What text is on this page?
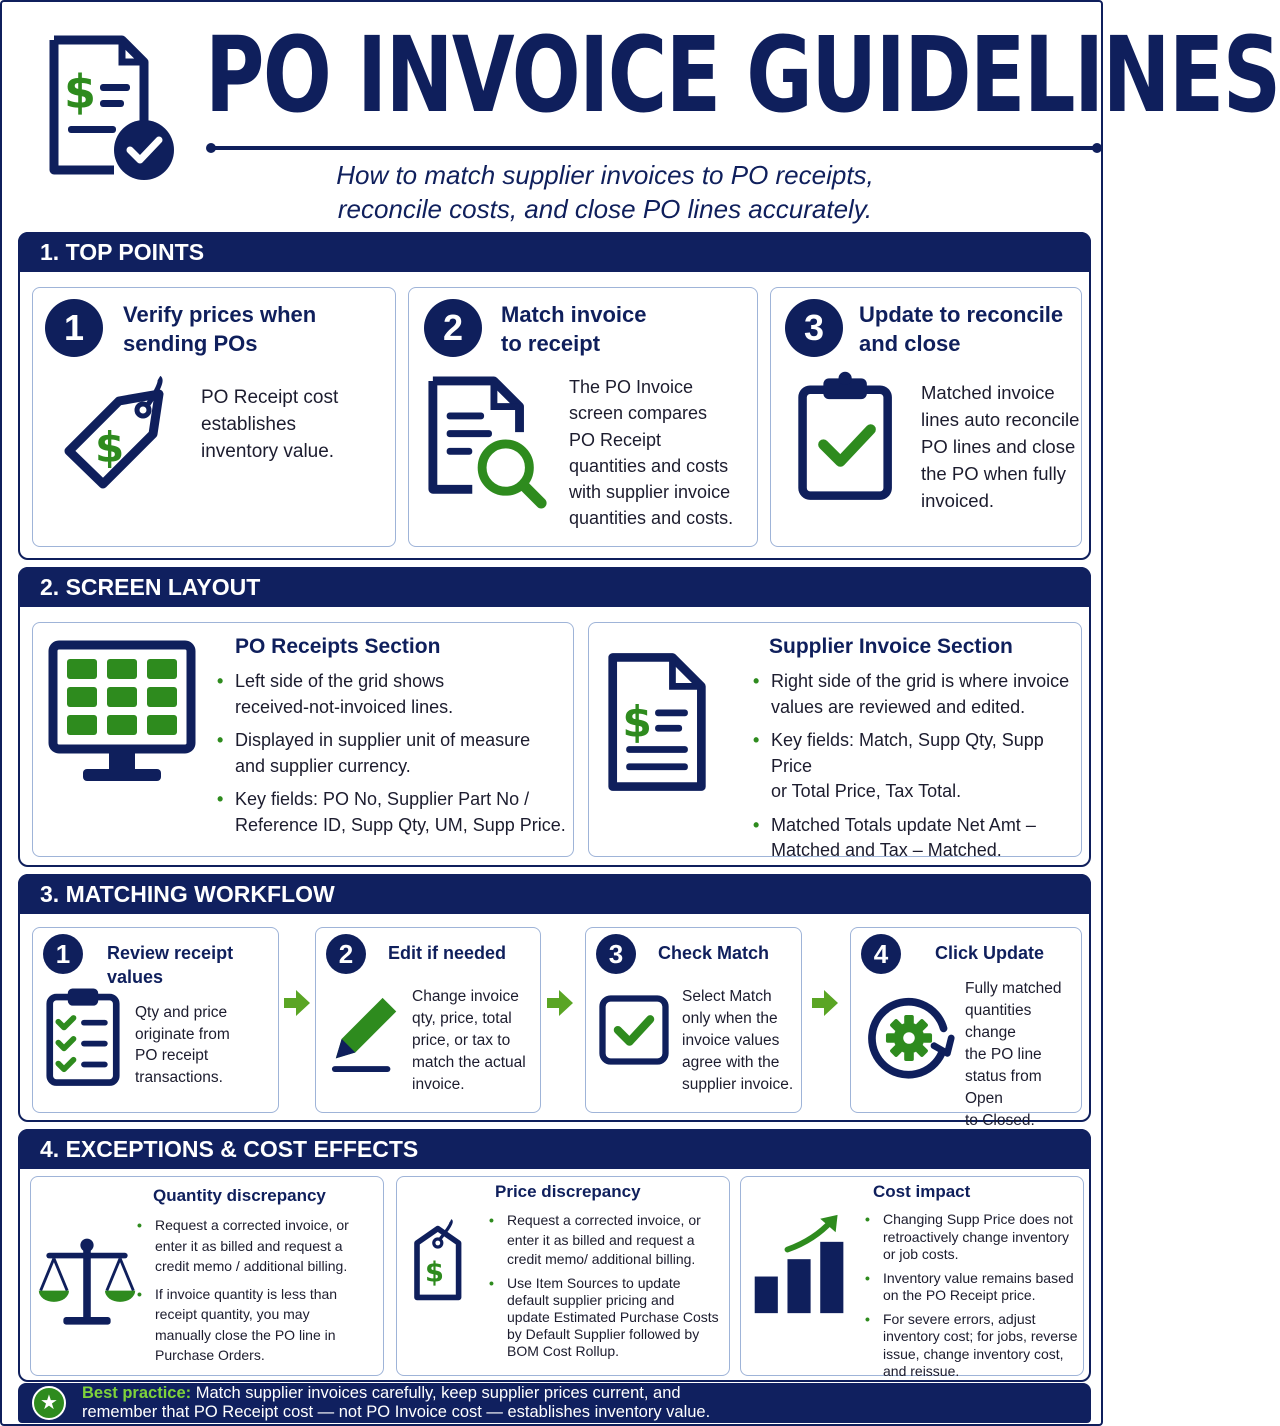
$ PO INVOICE GUIDELINES
How to match supplier invoices to PO receipts,
reconcile costs, and close PO lines accurately.
1. TOP POINTS
1	Verify prices when
sending POs
$
PO Receipt cost
establishes
inventory value.
2	Match invoice
to receipt
The PO Invoice
screen compares
PO Receipt
quantities and costs
with supplier invoice
quantities and costs.
3	Update to reconcile
and close
Matched invoice
lines auto reconcile
PO lines and close
the PO when fully
invoiced.
2. SCREEN LAYOUT
PO Receipts Section
• Left side of the grid shows
received-not-invoiced lines.
• Displayed in supplier unit of measure
and supplier currency.
• Key fields: PO No, Supplier Part No /
Reference ID, Supp Qty, UM, Supp Price.
$
Supplier Invoice Section
• Right side of the grid is where invoice
values are reviewed and edited.
• Key fields: Match, Supp Qty, Supp Price
or Total Price, Tax Total.
• Matched Totals update Net Amt –
Matched and Tax – Matched.
3. MATCHING WORKFLOW
1	Review receipt values
Qty and price
originate from
PO receipt
transactions.
2	Edit if needed
Change invoice
qty, price, total
price, or tax to
match the actual
invoice.
3	Check Match
Select Match
only when the
invoice values
agree with the
supplier invoice.
4	Click Update
Fully matched
quantities change
the PO line
status from Open
to Closed.
4. EXCEPTIONS & COST EFFECTS
Quantity discrepancy
• Request a corrected invoice, or
enter it as billed and request a
credit memo / additional billing.
• If invoice quantity is less than
receipt quantity, you may
manually close the PO line in
Purchase Orders.
Price discrepancy
$
• Request a corrected invoice, or
enter it as billed and request a
credit memo/ additional billing.
• Use Item Sources to update
default supplier pricing and
update Estimated Purchase Costs
by Default Supplier followed by
BOM Cost Rollup.
Cost impact
• Changing Supp Price does not
retroactively change inventory
or job costs.
• Inventory value remains based
on the PO Receipt price.
• For severe errors, adjust
inventory cost; for jobs, reverse
issue, change inventory cost,
and reissue.
★	Best practice: Match supplier invoices carefully, keep supplier prices current, and
remember that PO Receipt cost — not PO Invoice cost — establishes inventory value.
